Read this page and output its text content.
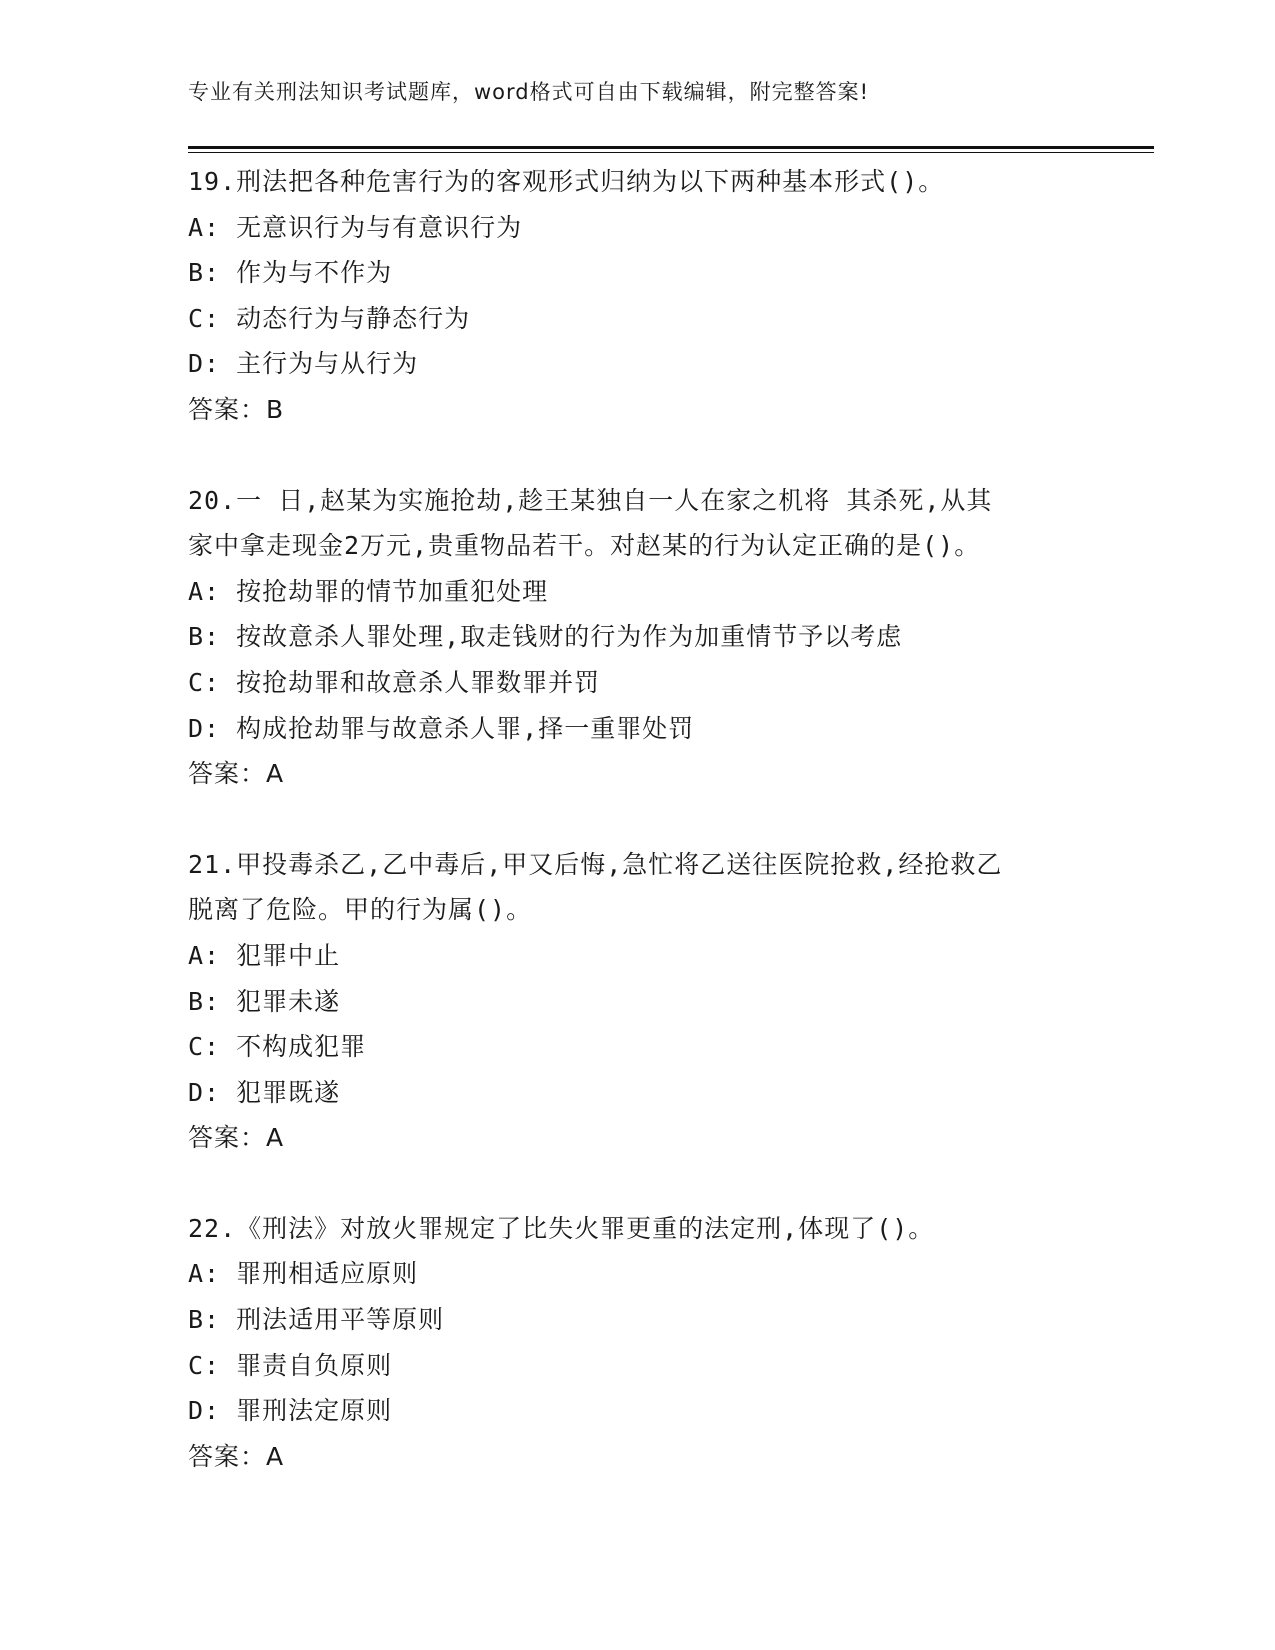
专业有关刑法知识考试题库，word格式可自由下载编辑，附完整答案!
19.刑法把各种危害行为的客观形式归纳为以下两种基本形式()。
A: 无意识行为与有意识行为
B: 作为与不作为
C: 动态行为与静态行为
D: 主行为与从行为
答案：B
20.一 日,赵某为实施抢劫,趁王某独自一人在家之机将 其杀死,从其
家中拿走现金2万元,贵重物品若干。对赵某的行为认定正确的是()。
A: 按抢劫罪的情节加重犯处理
B: 按故意杀人罪处理,取走钱财的行为作为加重情节予以考虑
C: 按抢劫罪和故意杀人罪数罪并罚
D: 构成抢劫罪与故意杀人罪,择一重罪处罚
答案：A
21.甲投毒杀乙,乙中毒后,甲又后悔,急忙将乙送往医院抢救,经抢救乙
脱离了危险。甲的行为属()。
A: 犯罪中止
B: 犯罪未遂
C: 不构成犯罪
D: 犯罪既遂
答案：A
22.《刑法》对放火罪规定了比失火罪更重的法定刑,体现了()。
A: 罪刑相适应原则
B: 刑法适用平等原则
C: 罪责自负原则
D: 罪刑法定原则
答案：A
